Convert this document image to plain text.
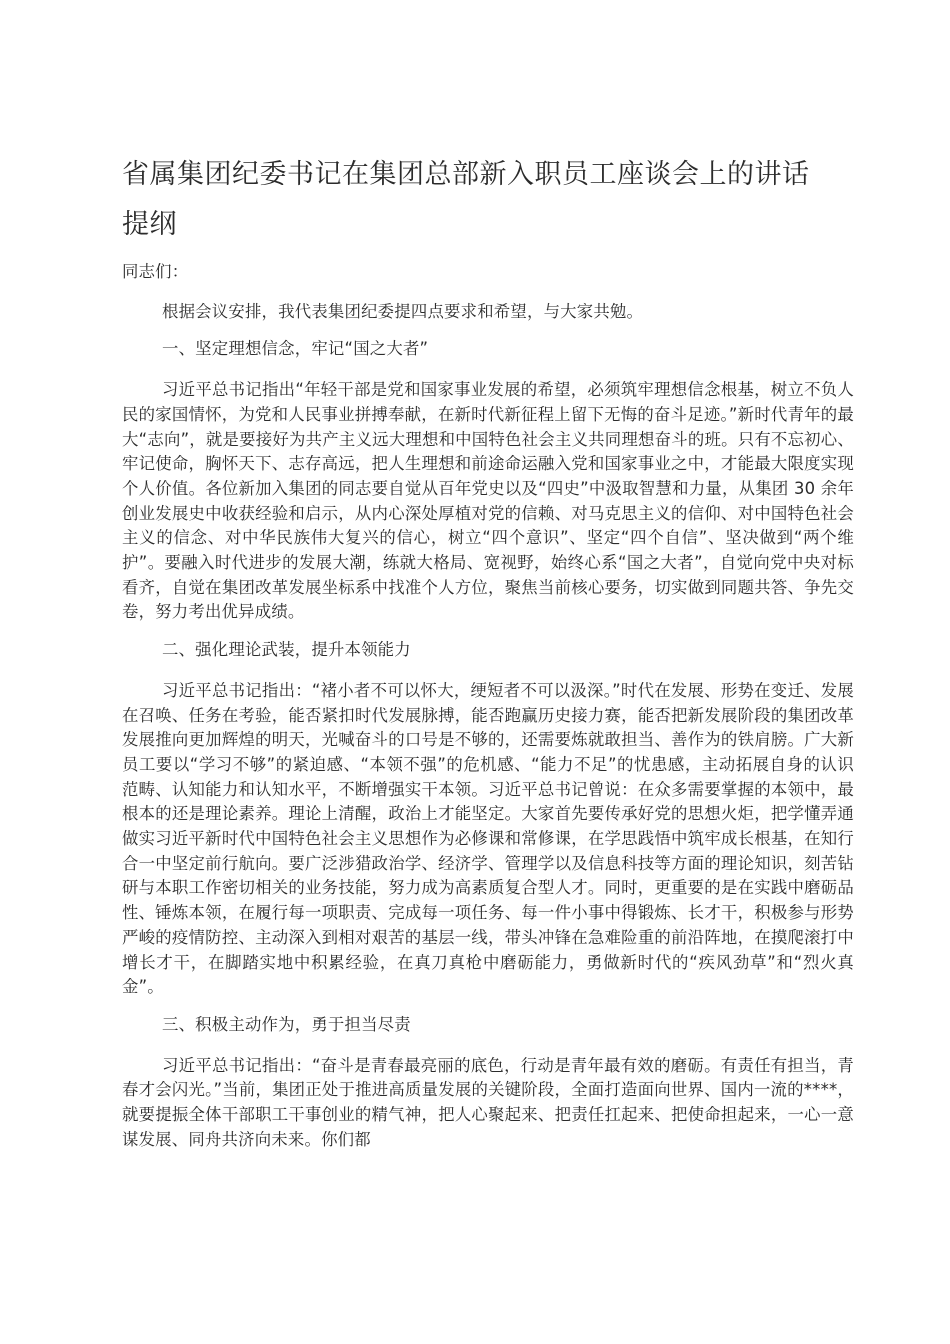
省属集团纪委书记在集团总部新入职员工座谈会上的讲话提纲

同志们：

根据会议安排，我代表集团纪委提四点要求和希望，与大家共勉。

一、坚定理想信念，牢记“国之大者”

习近平总书记指出“年轻干部是党和国家事业发展的希望，必须筑牢理想信念根基，树立不负人民的家国情怀，为党和人民事业拼搏奉献，在新时代新征程上留下无悔的奋斗足迹。”新时代青年的最大“志向”，就是要接好为共产主义远大理想和中国特色社会主义共同理想奋斗的班。只有不忘初心、牢记使命，胸怀天下、志存高远，把人生理想和前途命运融入党和国家事业之中，才能最大限度实现个人价值。各位新加入集团的同志要自觉从百年党史以及“四史”中汲取智慧和力量，从集团 30 余年创业发展史中收获经验和启示，从内心深处厚植对党的信赖、对马克思主义的信仰、对中国特色社会主义的信念、对中华民族伟大复兴的信心，树立“四个意识”、坚定“四个自信”、坚决做到“两个维护”。要融入时代进步的发展大潮，练就大格局、宽视野，始终心系“国之大者”，自觉向党中央对标看齐，自觉在集团改革发展坐标系中找准个人方位，聚焦当前核心要务，切实做到同题共答、争先交卷，努力考出优异成绩。

二、强化理论武装，提升本领能力

习近平总书记指出：“褚小者不可以怀大，绠短者不可以汲深。”时代在发展、形势在变迁、发展在召唤、任务在考验，能否紧扣时代发展脉搏，能否跑赢历史接力赛，能否把新发展阶段的集团改革发展推向更加辉煌的明天，光喊奋斗的口号是不够的，还需要炼就敢担当、善作为的铁肩膀。广大新员工要以“学习不够”的紧迫感、“本领不强”的危机感、“能力不足”的忧患感，主动拓展自身的认识范畴、认知能力和认知水平，不断增强实干本领。习近平总书记曾说：在众多需要掌握的本领中，最根本的还是理论素养。理论上清醒，政治上才能坚定。大家首先要传承好党的思想火炬，把学懂弄通做实习近平新时代中国特色社会主义思想作为必修课和常修课，在学思践悟中筑牢成长根基，在知行合一中坚定前行航向。要广泛涉猎政治学、经济学、管理学以及信息科技等方面的理论知识，刻苦钻研与本职工作密切相关的业务技能，努力成为高素质复合型人才。同时，更重要的是在实践中磨砺品性、锤炼本领，在履行每一项职责、完成每一项任务、每一件小事中得锻炼、长才干，积极参与形势严峻的疫情防控、主动深入到相对艰苦的基层一线，带头冲锋在急难险重的前沿阵地，在摸爬滚打中增长才干，在脚踏实地中积累经验，在真刀真枪中磨砺能力，勇做新时代的“疾风劲草”和“烈火真金”。

三、积极主动作为，勇于担当尽责

习近平总书记指出：“奋斗是青春最亮丽的底色，行动是青年最有效的磨砺。有责任有担当，青春才会闪光。”当前，集团正处于推进高质量发展的关键阶段，全面打造面向世界、国内一流的****，就要提振全体干部职工干事创业的精气神，把人心聚起来、把责任扛起来、把使命担起来，一心一意谋发展、同舟共济向未来。你们都
